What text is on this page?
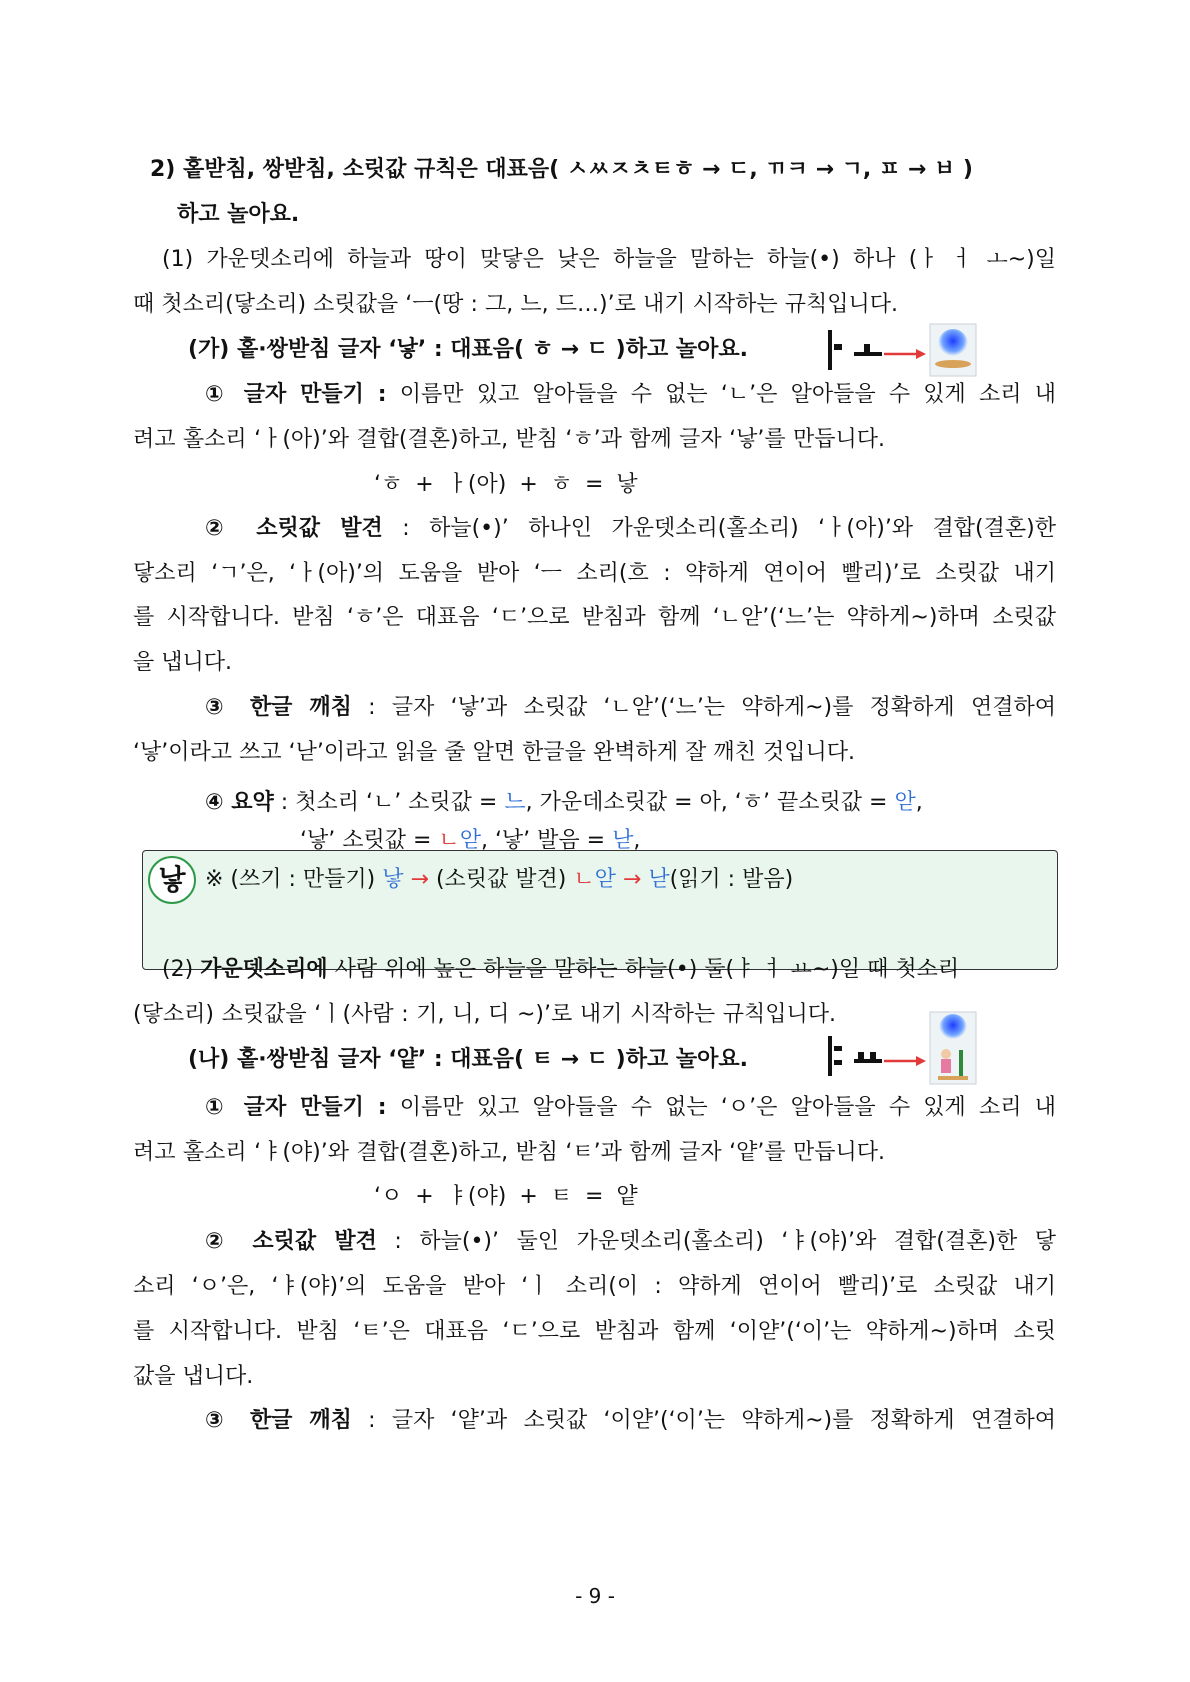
2) 홑받침, 쌍받침, 소릿값 규칙은 대표음( ㅅㅆㅈㅊㅌㅎ → ㄷ, ㄲㅋ → ㄱ, ㅍ → ㅂ )
하고 놀아요.
(1) 가운뎃소리에 하늘과 땅이 맞닿은 낮은 하늘을 말하는 하늘(•) 하나 (ㅏ ㅓ ㅗ~)일
때 첫소리(닿소리) 소릿값을 ‘ㅡ(땅 : 그, 느, 드…)’로 내기 시작하는 규칙입니다.
(가) 홑·쌍받침 글자 ‘낳’ : 대표음( ㅎ → ㄷ )하고 놀아요.
① 글자 만들기 : 이름만 있고 알아들을 수 없는 ‘ㄴ’은 알아들을 수 있게 소리 내
려고 홀소리 ‘ㅏ(아)’와 결합(결혼)하고, 받침 ‘ㅎ’과 함께 글자 ‘낳’를 만듭니다.
‘ㅎ + ㅏ(아) + ㅎ = 낳
② 소릿값 발견 : 하늘(•)’ 하나인 가운뎃소리(홀소리) ‘ㅏ(아)’와 결합(결혼)한
닿소리 ‘ㄱ’은, ‘ㅏ(아)’의 도움을 받아 ‘ㅡ 소리(흐 : 약하게 연이어 빨리)’로 소릿값 내기
를 시작합니다. 받침 ‘ㅎ’은 대표음 ‘ㄷ’으로 받침과 함께 ‘ㄴ앋’(‘느’는 약하게~)하며 소릿값
을 냅니다.
③ 한글 깨침 : 글자 ‘낳’과 소릿값 ‘ㄴ앋’(‘느’는 약하게~)를 정확하게 연결하여
‘낳’이라고 쓰고 ‘낟’이라고 읽을 줄 알면 한글을 완벽하게 잘 깨친 것입니다.
낳
④ 요약 : 첫소리 ‘ㄴ’ 소릿값 = 느, 가운데소릿값 = 아, ‘ㅎ’ 끝소릿값 = 앋,
‘낳’ 소릿값 = ㄴ앋, ‘낳’ 발음 = 낟,
※ (쓰기 : 만들기) 낳 → (소릿값 발견) ㄴ앋 → 낟(읽기 : 발음)
(2) 가운뎃소리에 사람 위에 높은 하늘을 말하는 하늘(•) 둘(ㅑ ㅕ ㅛ~)일 때 첫소리
(닿소리) 소릿값을 ‘ㅣ(사람 : 기, 니, 디 ~)’로 내기 시작하는 규칙입니다.
(나) 홑·쌍받침 글자 ‘얕’ : 대표음( ㅌ → ㄷ )하고 놀아요.
① 글자 만들기 : 이름만 있고 알아들을 수 없는 ‘ㅇ’은 알아들을 수 있게 소리 내
려고 홀소리 ‘ㅑ(야)’와 결합(결혼)하고, 받침 ‘ㅌ’과 함께 글자 ‘얕’를 만듭니다.
‘ㅇ + ㅑ(야) + ㅌ = 얕
② 소릿값 발견 : 하늘(•)’ 둘인 가운뎃소리(홀소리) ‘ㅑ(야)’와 결합(결혼)한 닿
소리 ‘ㅇ’은, ‘ㅑ(야)’의 도움을 받아 ‘ㅣ 소리(이 : 약하게 연이어 빨리)’로 소릿값 내기
를 시작합니다. 받침 ‘ㅌ’은 대표음 ‘ㄷ’으로 받침과 함께 ‘이얃’(‘이’는 약하게~)하며 소릿
값을 냅니다.
③ 한글 깨침 : 글자 ‘얕’과 소릿값 ‘이얃’(‘이’는 약하게~)를 정확하게 연결하여
- 9 -
